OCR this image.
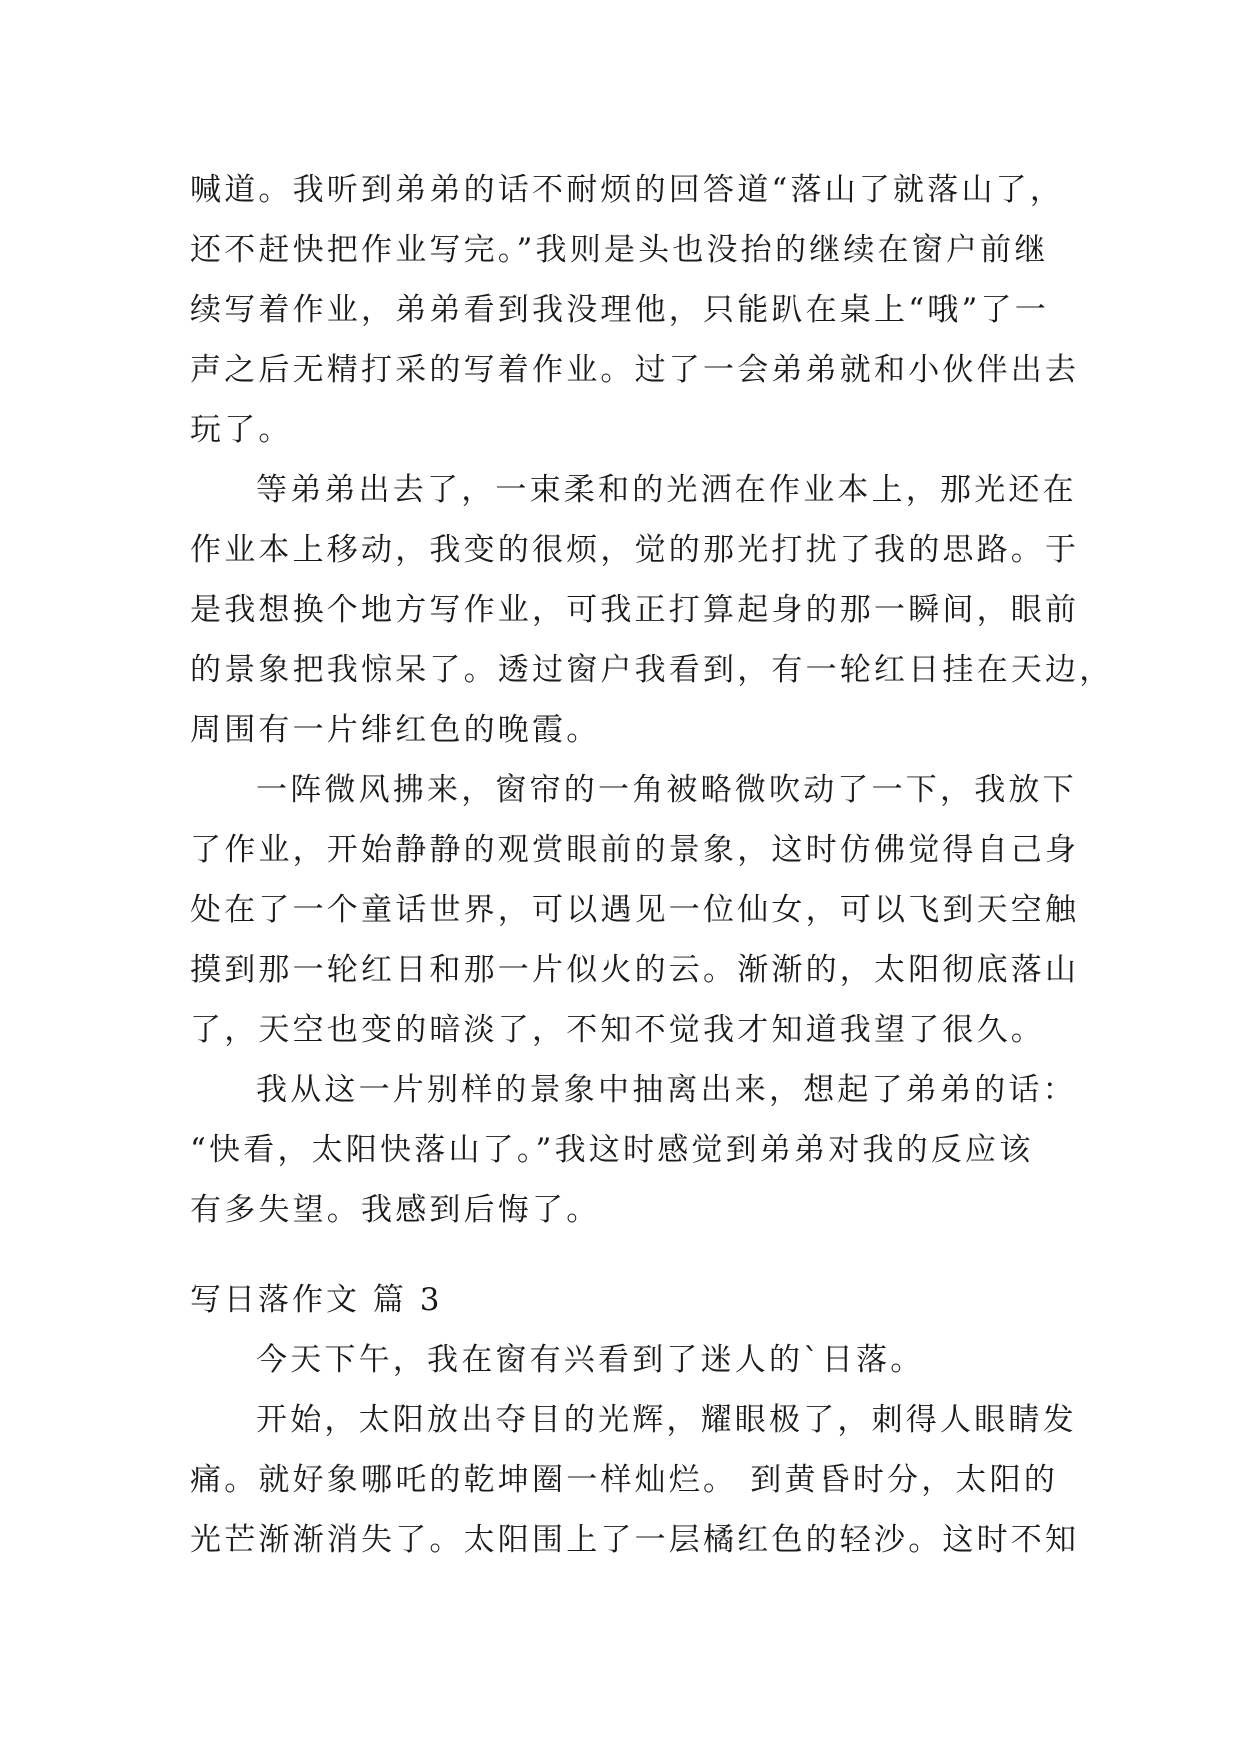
喊道。我听到弟弟的话不耐烦的回答道“落山了就落山了，
还不赶快把作业写完。”我则是头也没抬的继续在窗户前继
续写着作业，弟弟看到我没理他，只能趴在桌上“哦”了一
声之后无精打采的写着作业。过了一会弟弟就和小伙伴出去
玩了。
等弟弟出去了，一束柔和的光洒在作业本上，那光还在
作业本上移动，我变的很烦，觉的那光打扰了我的思路。于
是我想换个地方写作业，可我正打算起身的那一瞬间，眼前
的景象把我惊呆了。透过窗户我看到，有一轮红日挂在天边，
周围有一片绯红色的晚霞。
一阵微风拂来，窗帘的一角被略微吹动了一下，我放下
了作业，开始静静的观赏眼前的景象，这时仿佛觉得自己身
处在了一个童话世界，可以遇见一位仙女，可以飞到天空触
摸到那一轮红日和那一片似火的云。渐渐的，太阳彻底落山
了，天空也变的暗淡了，不知不觉我才知道我望了很久。
我从这一片别样的景象中抽离出来，想起了弟弟的话：
“快看，太阳快落山了。”我这时感觉到弟弟对我的反应该
有多失望。我感到后悔了。
写日落作文 篇 3
今天下午，我在窗有兴看到了迷人的`日落。
开始，太阳放出夺目的光辉，耀眼极了，刺得人眼睛发
痛。就好象哪吒的乾坤圈一样灿烂。 到黄昏时分，太阳的
光芒渐渐消失了。太阳围上了一层橘红色的轻沙。这时不知
